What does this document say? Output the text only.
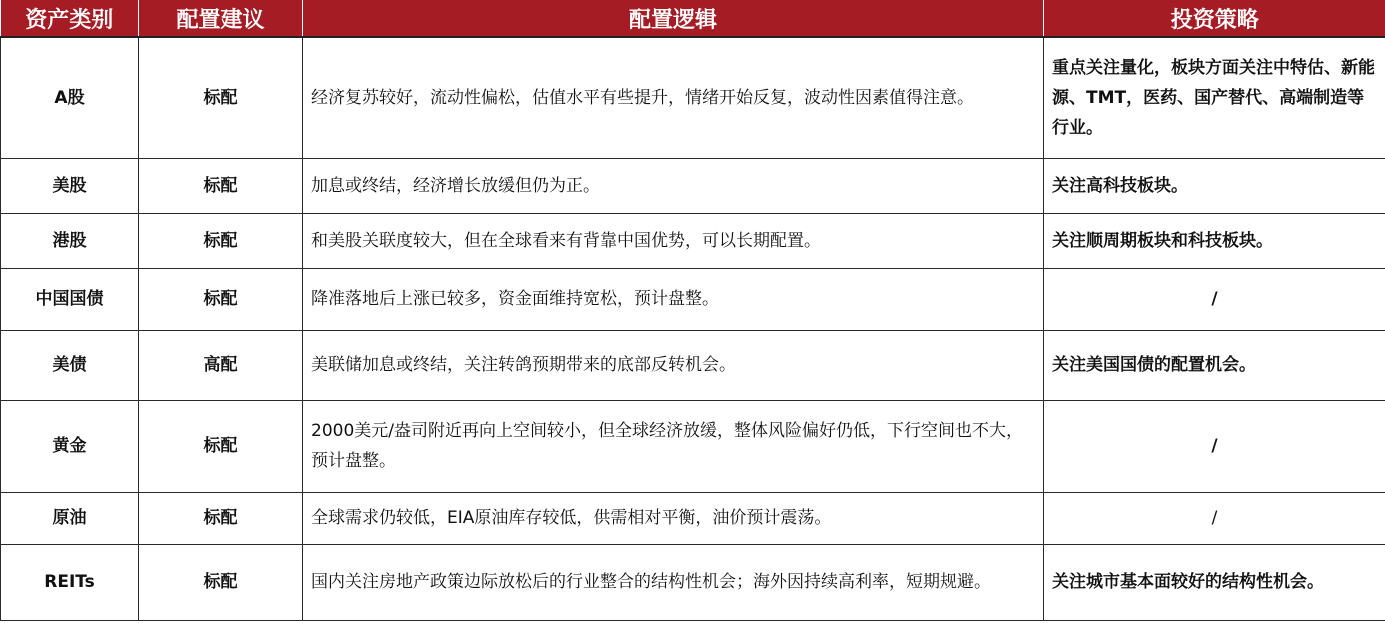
资产类别	配置建议	配置逻辑	投资策略
A股	标配	经济复苏较好，流动性偏松，估值水平有些提升，情绪开始反复，波动性因素值得注意。	重点关注量化，板块方面关注中特估、新能源、TMT，医药、国产替代、高端制造等行业。
美股	标配	加息或终结，经济增长放缓但仍为正。	关注高科技板块。
港股	标配	和美股关联度较大，但在全球看来有背靠中国优势，可以长期配置。	关注顺周期板块和科技板块。
中国国债	标配	降准落地后上涨已较多，资金面维持宽松，预计盘整。	/
美债	高配	美联储加息或终结，关注转鸽预期带来的底部反转机会。	关注美国国债的配置机会。
黄金	标配	2000美元/盎司附近再向上空间较小，但全球经济放缓，整体风险偏好仍低，下行空间也不大，预计盘整。	/
原油	标配	全球需求仍较低，EIA原油库存较低，供需相对平衡，油价预计震荡。	/
REITs	标配	国内关注房地产政策边际放松后的行业整合的结构性机会；海外因持续高利率，短期规避。	关注城市基本面较好的结构性机会。
